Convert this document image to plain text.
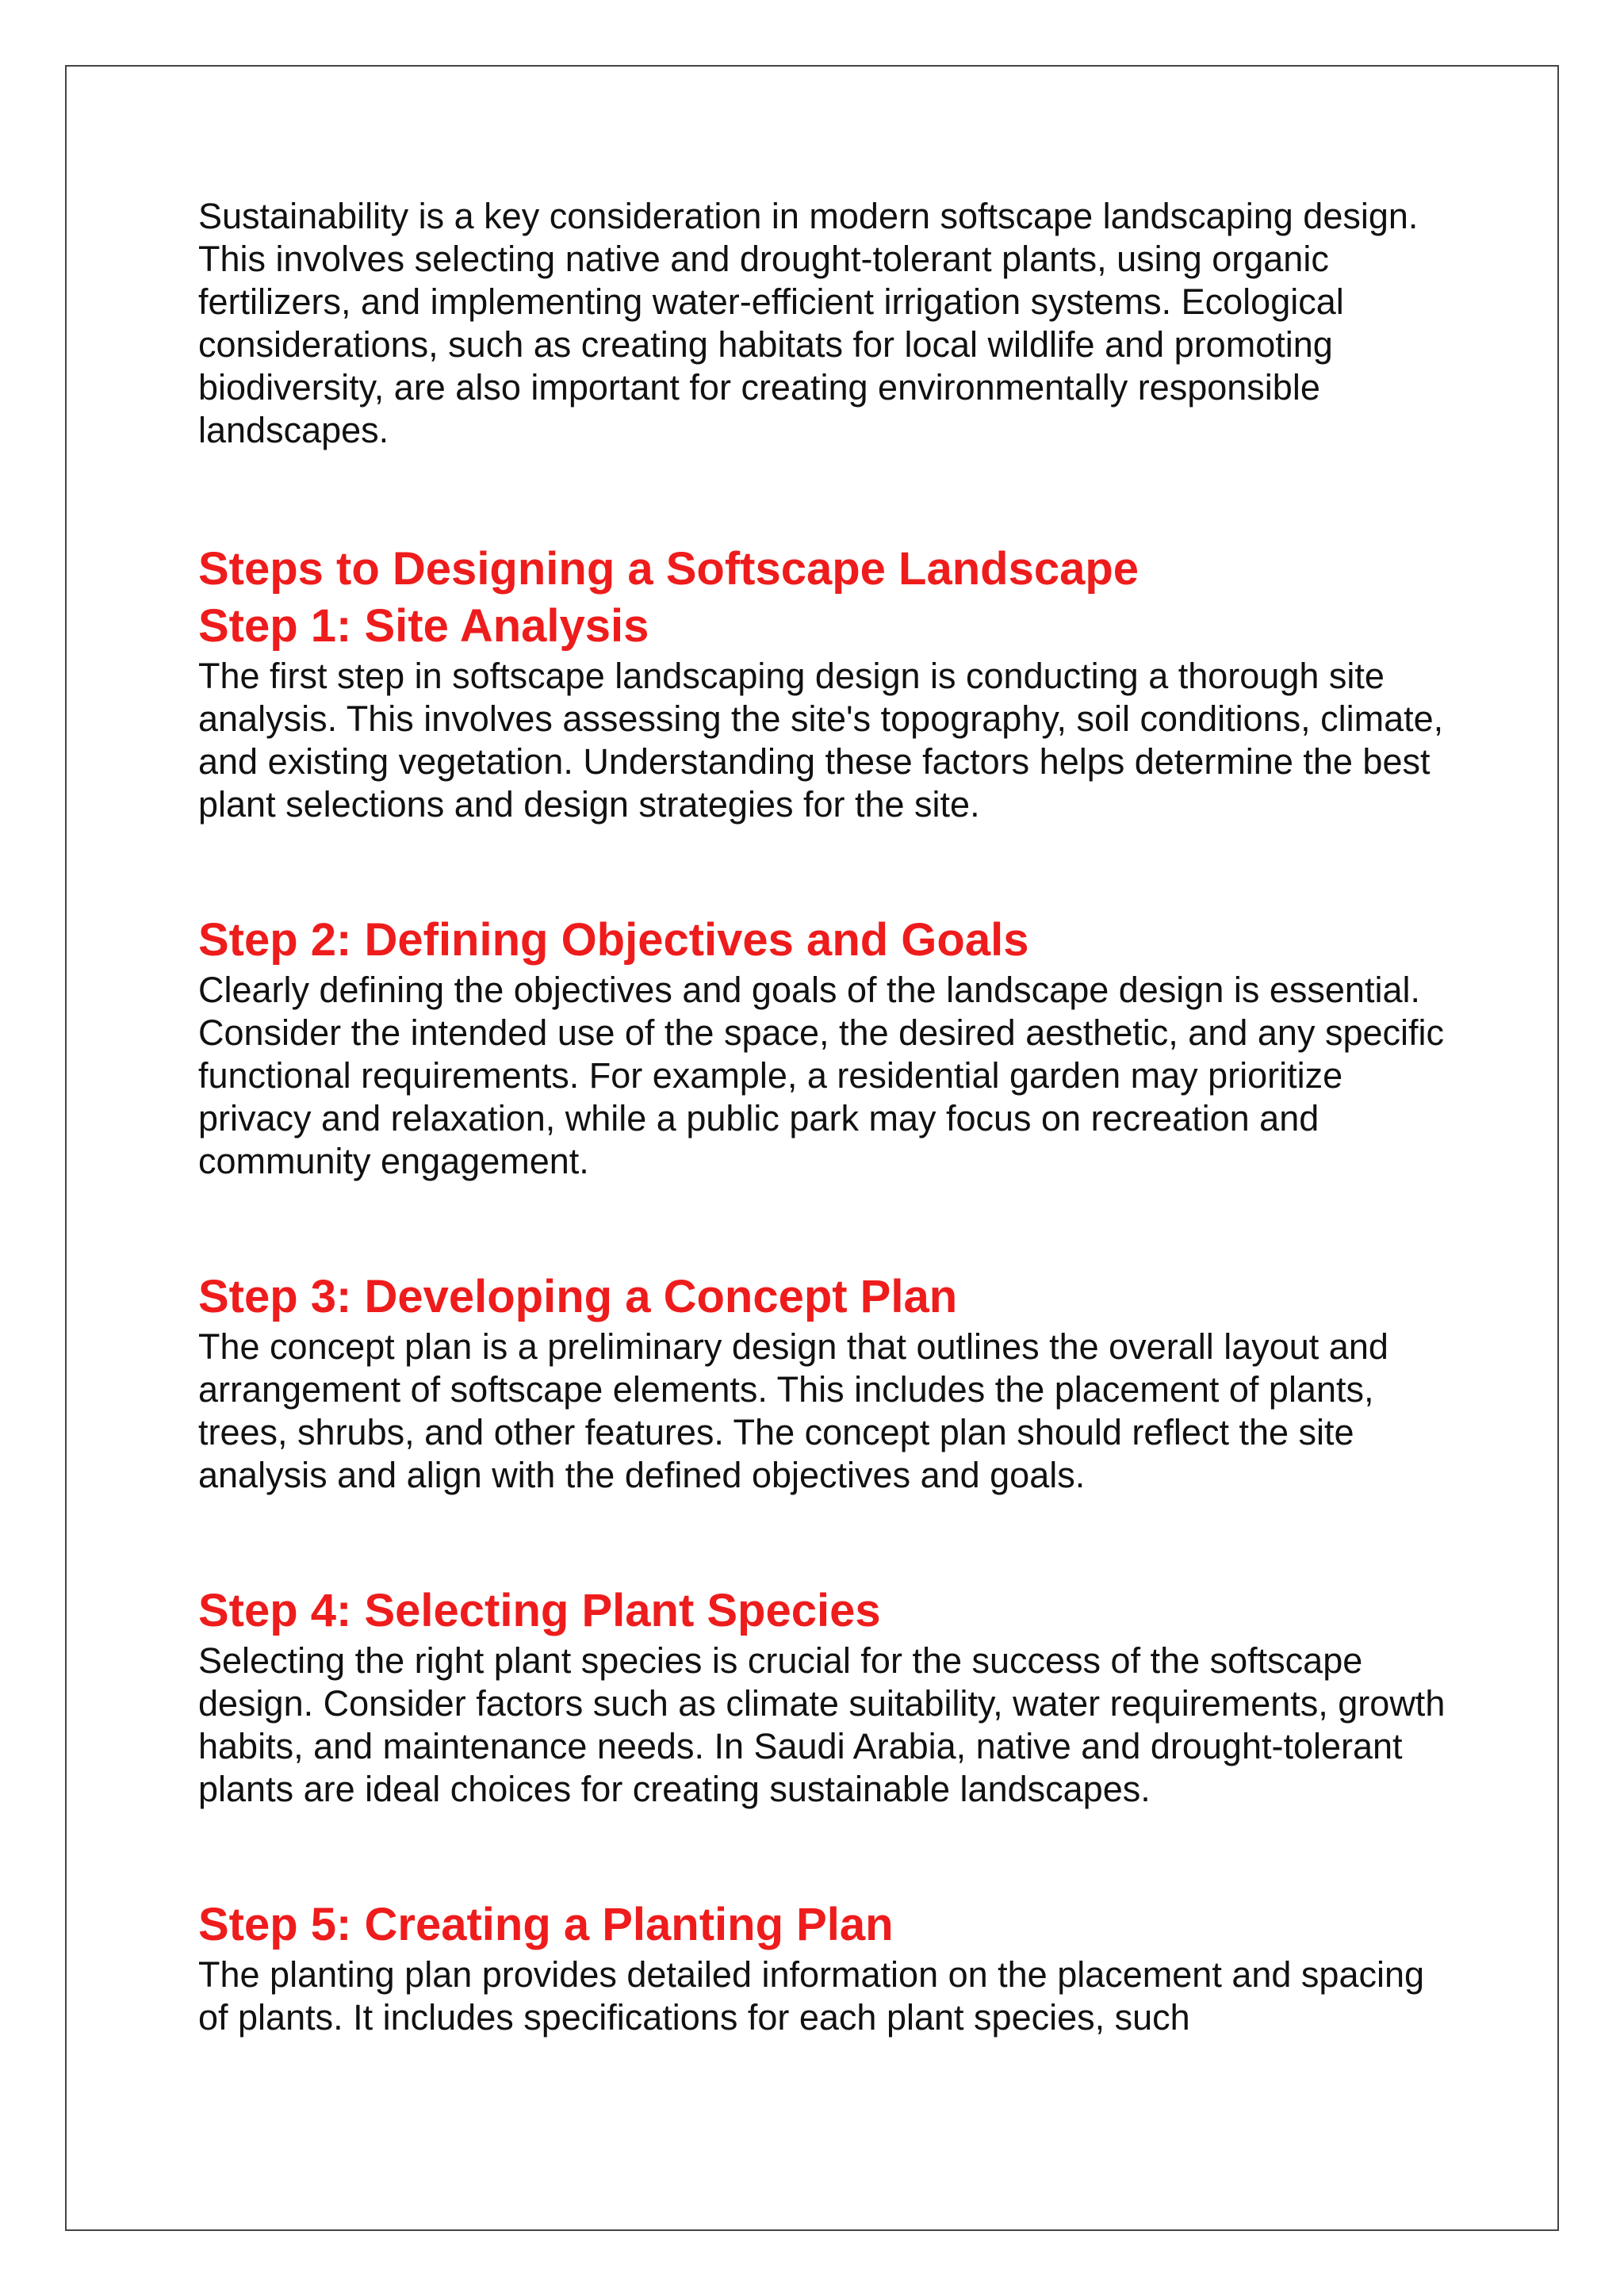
Sustainability is a key consideration in modern softscape landscaping design. This involves selecting native and drought-tolerant plants, using organic fertilizers, and implementing water-efficient irrigation systems. Ecological considerations, such as creating habitats for local wildlife and promoting biodiversity, are also important for creating environmentally responsible landscapes.

Steps to Designing a Softscape Landscape
Step 1: Site Analysis

The first step in softscape landscaping design is conducting a thorough site analysis. This involves assessing the site's topography, soil conditions, climate, and existing vegetation. Understanding these factors helps determine the best plant selections and design strategies for the site.

Step 2: Defining Objectives and Goals

Clearly defining the objectives and goals of the landscape design is essential. Consider the intended use of the space, the desired aesthetic, and any specific functional requirements. For example, a residential garden may prioritize privacy and relaxation, while a public park may focus on recreation and community engagement.

Step 3: Developing a Concept Plan

The concept plan is a preliminary design that outlines the overall layout and arrangement of softscape elements. This includes the placement of plants, trees, shrubs, and other features. The concept plan should reflect the site analysis and align with the defined objectives and goals.

Step 4: Selecting Plant Species

Selecting the right plant species is crucial for the success of the softscape design. Consider factors such as climate suitability, water requirements, growth habits, and maintenance needs. In Saudi Arabia, native and drought-tolerant plants are ideal choices for creating sustainable landscapes.

Step 5: Creating a Planting Plan

The planting plan provides detailed information on the placement and spacing of plants. It includes specifications for each plant species, such
